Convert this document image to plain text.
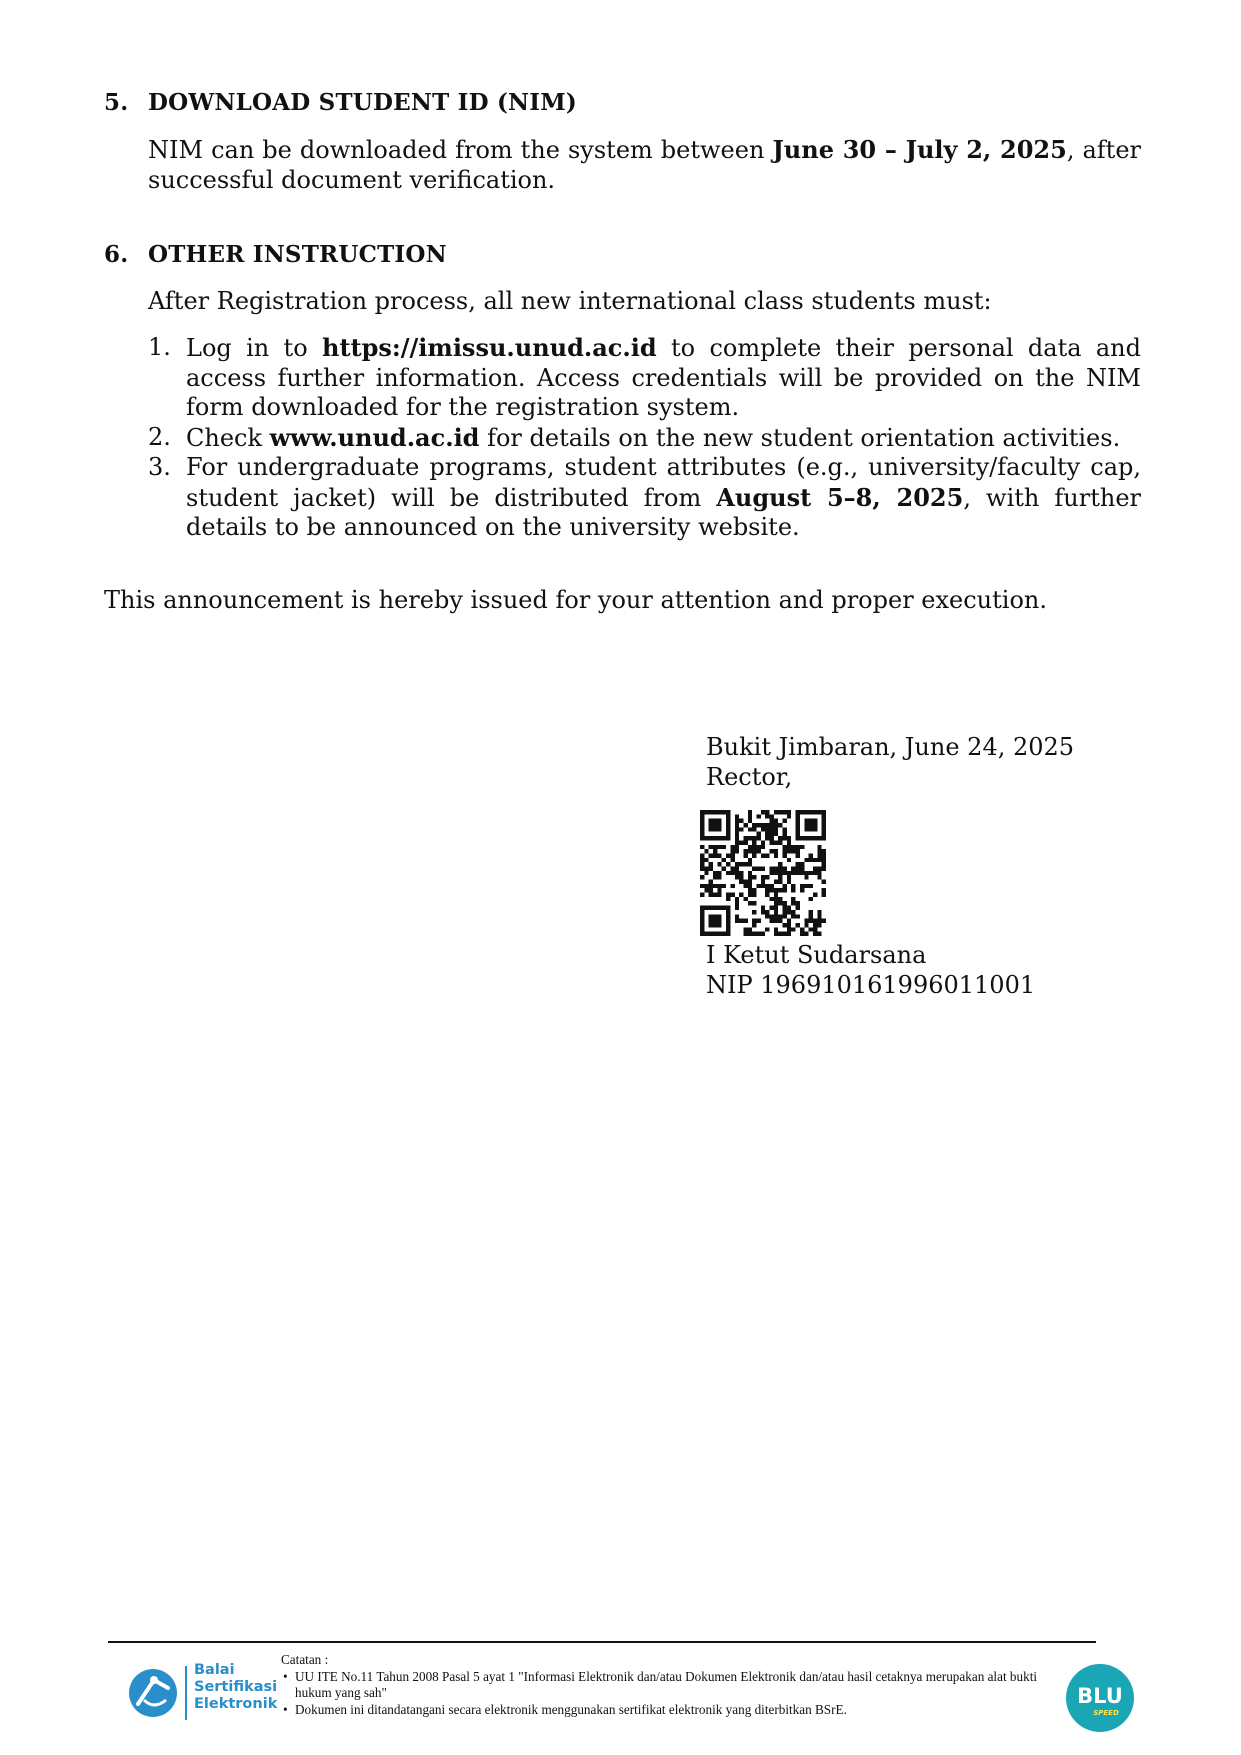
5. DOWNLOAD STUDENT ID (NIM)
NIM can be downloaded from the system between June 30 – July 2, 2025, after successful document verification.
6. OTHER INSTRUCTION
After Registration process, all new international class students must:
1. Log in to https://imissu.unud.ac.id to complete their personal data and access further information. Access credentials will be provided on the NIM form downloaded for the registration system.
2. Check www.unud.ac.id for details on the new student orientation activities.
3. For undergraduate programs, student attributes (e.g., university/faculty cap, student jacket) will be distributed from August 5–8, 2025, with further details to be announced on the university website.
This announcement is hereby issued for your attention and proper execution.
Bukit Jimbaran, June 24, 2025
Rector,
I Ketut Sudarsana
NIP 196910161996011001
Balai
Sertifikasi
Elektronik
Catatan :
• UU ITE No.11 Tahun 2008 Pasal 5 ayat 1 "Informasi Elektronik dan/atau Dokumen Elektronik dan/atau hasil cetaknya merupakan alat bukti hukum yang sah"
• Dokumen ini ditandatangani secara elektronik menggunakan sertifikat elektronik yang diterbitkan BSrE.
BLU
SPEED
